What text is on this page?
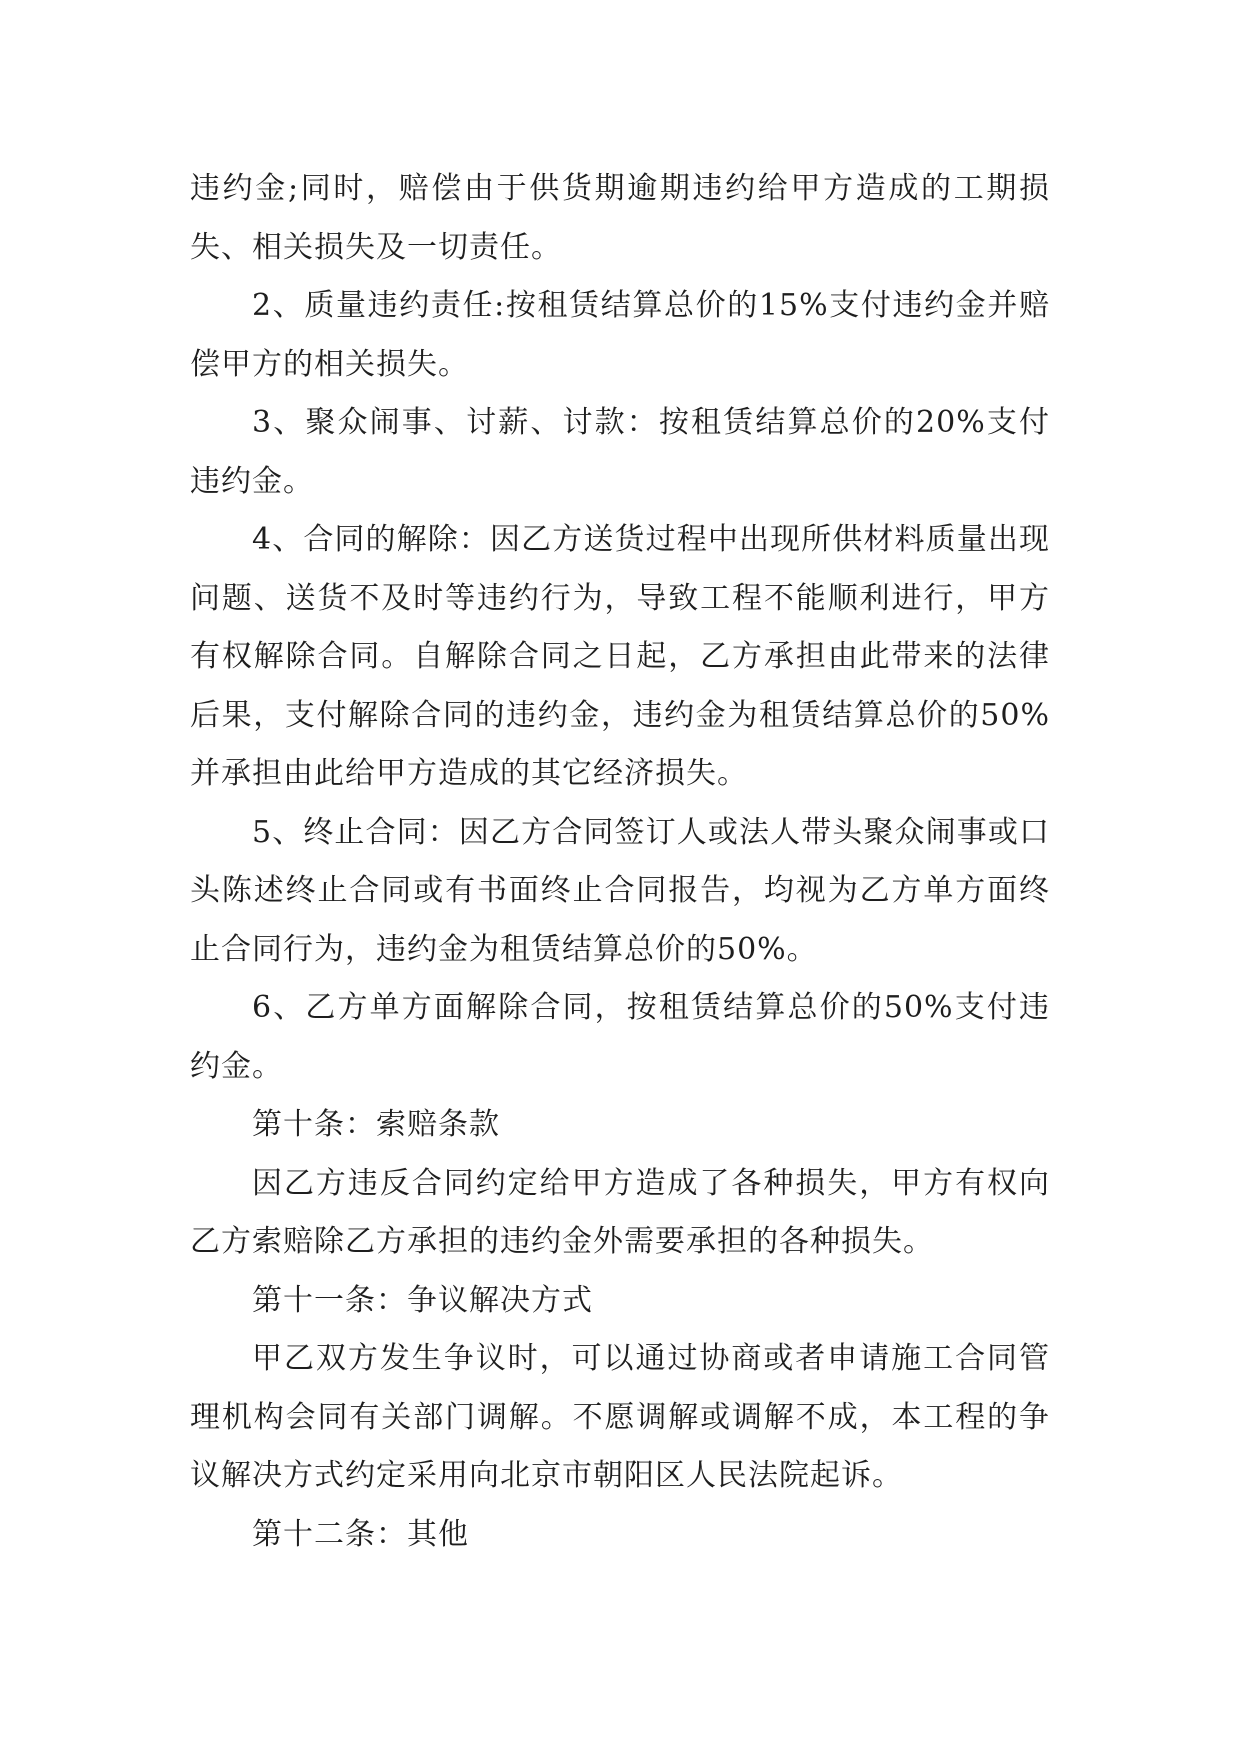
违约金;同时，赔偿由于供货期逾期违约给甲方造成的工期损失、相关损失及一切责任。

2、质量违约责任:按租赁结算总价的15%支付违约金并赔偿甲方的相关损失。

3、聚众闹事、讨薪、讨款：按租赁结算总价的20%支付违约金。

4、合同的解除：因乙方送货过程中出现所供材料质量出现问题、送货不及时等违约行为，导致工程不能顺利进行，甲方有权解除合同。自解除合同之日起，乙方承担由此带来的法律后果，支付解除合同的违约金，违约金为租赁结算总价的50%并承担由此给甲方造成的其它经济损失。

5、终止合同：因乙方合同签订人或法人带头聚众闹事或口头陈述终止合同或有书面终止合同报告，均视为乙方单方面终止合同行为，违约金为租赁结算总价的50%。

6、乙方单方面解除合同，按租赁结算总价的50%支付违约金。

第十条：索赔条款

因乙方违反合同约定给甲方造成了各种损失，甲方有权向乙方索赔除乙方承担的违约金外需要承担的各种损失。

第十一条：争议解决方式

甲乙双方发生争议时，可以通过协商或者申请施工合同管理机构会同有关部门调解。不愿调解或调解不成，本工程的争议解决方式约定采用向北京市朝阳区人民法院起诉。

第十二条：其他
